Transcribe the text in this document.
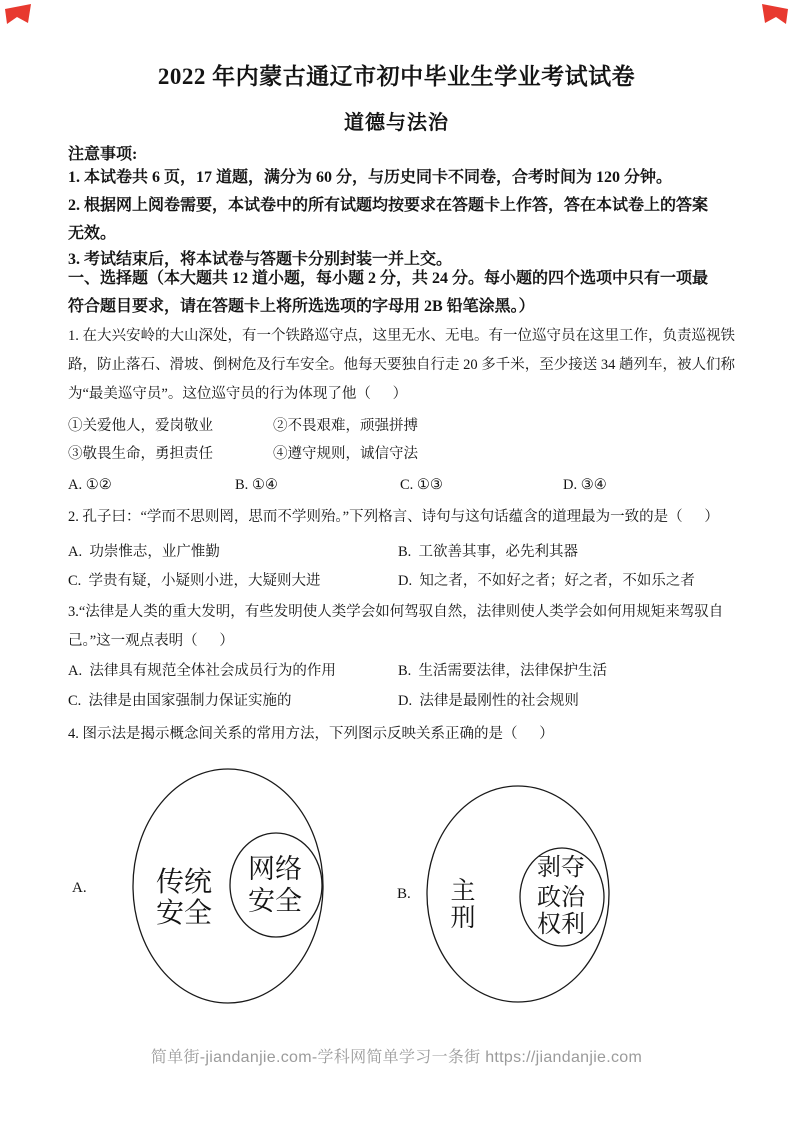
2022 年内蒙古通辽市初中毕业生学业考试试卷
道德与法治
注意事项:
1. 本试卷共 6 页，17 道题，满分为 60 分，与历史同卡不同卷，合考时间为 120 分钟。
2. 根据网上阅卷需要，本试卷中的所有试题均按要求在答题卡上作答，答在本试卷上的答案
无效。
3. 考试结束后，将本试卷与答题卡分别封装一并上交。
一、选择题（本大题共 12 道小题，每小题 2 分，共 24 分。每小题的四个选项中只有一项最
符合题目要求，请在答题卡上将所选选项的字母用 2B 铅笔涂黑。）
1. 在大兴安岭的大山深处，有一个铁路巡守点，这里无水、无电。有一位巡守员在这里工作，负责巡视铁
路，防止落石、滑坡、倒树危及行车安全。他每天要独自行走 20 多千米，至少接送 34 趟列车，被人们称
为“最美巡守员”。这位巡守员的行为体现了他（      ）
①关爱他人，爱岗敬业	②不畏艰难，顽强拼搏
③敬畏生命，勇担责任	④遵守规则，诚信守法
A. ①②	B. ①④	C. ①③	D. ③④
2. 孔子曰：“学而不思则罔，思而不学则殆。”下列格言、诗句与这句话蕴含的道理最为一致的是（      ）
A.  功崇惟志，业广惟勤	B.  工欲善其事，必先利其器
C.  学贵有疑，小疑则小进，大疑则大进	D.  知之者，不如好之者；好之者，不如乐之者
3.“法律是人类的重大发明，有些发明使人类学会如何驾驭自然，法律则使人类学会如何用规矩来驾驭自
己。”这一观点表明（      ）
A.  法律具有规范全体社会成员行为的作用	B.  生活需要法律，法律保护生活
C.  法律是由国家强制力保证实施的	D.  法律是最刚性的社会规则
4. 图示法是揭示概念间关系的常用方法，下列图示反映关系正确的是（      ）
A. 传统
安全
网络
安全	B. 主
刑
剥夺
政治
权利
简单街-jiandanjie.com-学科网简单学习一条街 https://jiandanjie.com
